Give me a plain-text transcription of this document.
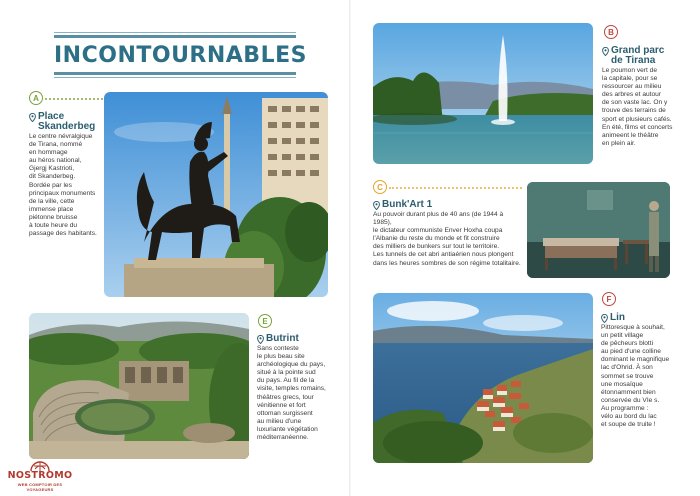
INCONTOURNABLES
A
Place
Skanderbeg
Le centre névralgique
de Tirana, nommé
en hommage
au héros national,
Gjergj Kastrioti,
dit Skanderbeg.
Bordée par les
principaux monuments
de la ville, cette
immense place
piétonne bruisse
à toute heure du
passage des habitants.
E
Butrint
Sans conteste
le plus beau site
archéologique du pays,
situé à la pointe sud
du pays. Au fil de la
visite, temples romains,
théâtres grecs, tour
vénitienne et fort
ottoman surgissent
au milieu d'une
luxuriante végétation
méditerranéenne.
NOSTROMO
WEB COMPTOIR DES VOYAGEURS
B
Grand parc
de Tirana
Le poumon vert de
la capitale, pour se
ressourcer au milieu
des arbres et autour
de son vaste lac. On y
trouve des terrains de
sport et plusieurs cafés.
En été, films et concerts
animeent le théâtre
en plein air.
C
Bunk'Art 1
Au pouvoir durant plus de 40 ans (de 1944 à 1985),
le dictateur communiste Enver Hoxha coupa
l'Albanie du reste du monde et fit construire
des milliers de bunkers sur tout le territoire.
Les tunnels de cet abri antiaérien nous plongent
dans les heures sombres de son régime totalitaire.
F
Lin
Pittoresque à souhait,
un petit village
de pêcheurs blotti
au pied d'une colline
dominant le magnifique
lac d'Ohrid. À son
sommet se trouve
une mosaïque
étonnamment bien
conservée du VIe s.
Au programme :
vélo au bord du lac
et soupe de truite !
